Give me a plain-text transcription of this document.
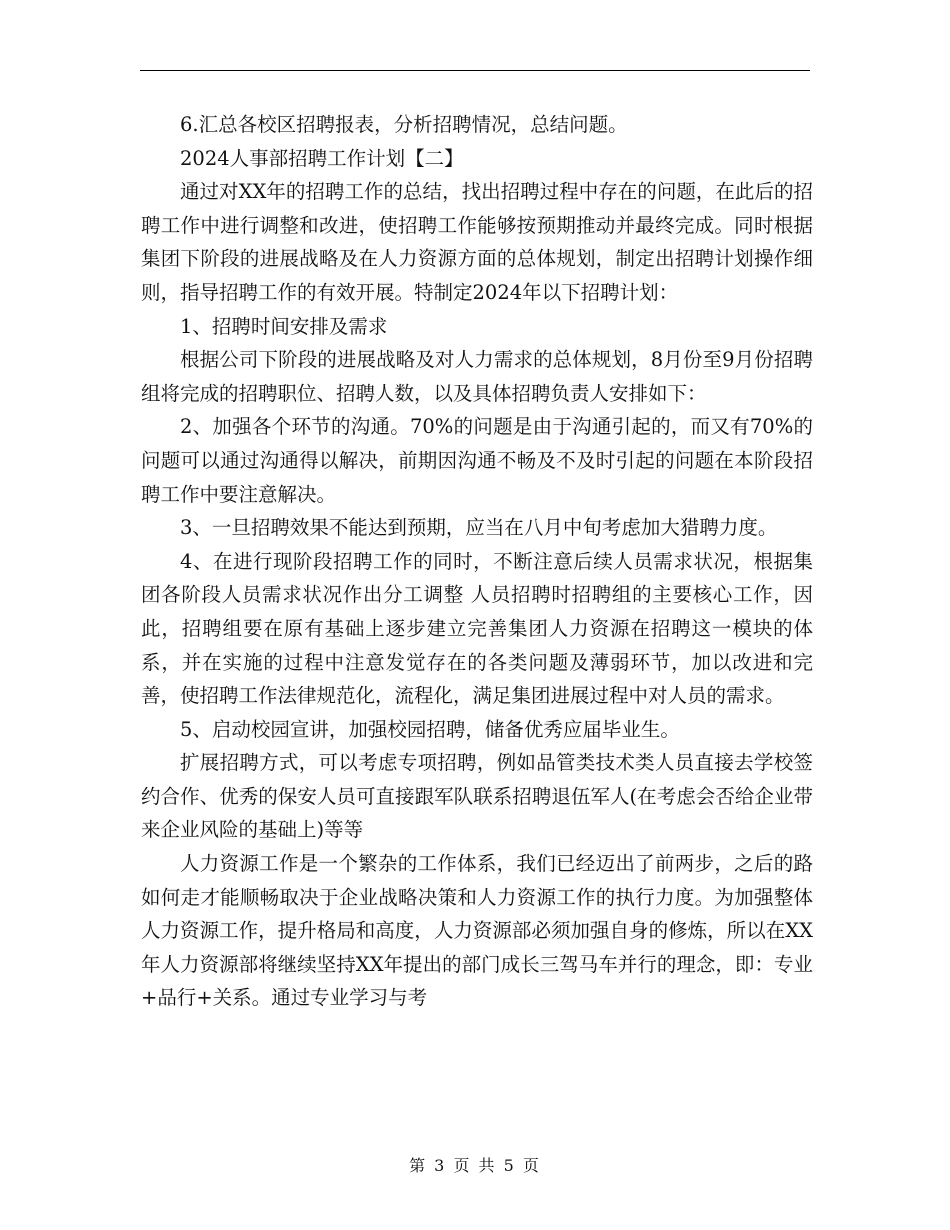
6.汇总各校区招聘报表，分析招聘情况，总结问题。

2024人事部招聘工作计划【二】

通过对XX年的招聘工作的总结，找出招聘过程中存在的问题，在此后的招聘工作中进行调整和改进，使招聘工作能够按预期推动并最终完成。同时根据集团下阶段的进展战略及在人力资源方面的总体规划，制定出招聘计划操作细则，指导招聘工作的有效开展。特制定2024年以下招聘计划：

1、招聘时间安排及需求

根据公司下阶段的进展战略及对人力需求的总体规划，8月份至9月份招聘组将完成的招聘职位、招聘人数，以及具体招聘负责人安排如下：

2、加强各个环节的沟通。70%的问题是由于沟通引起的，而又有70%的问题可以通过沟通得以解决，前期因沟通不畅及不及时引起的问题在本阶段招聘工作中要注意解决。

3、一旦招聘效果不能达到预期，应当在八月中旬考虑加大猎聘力度。

4、在进行现阶段招聘工作的同时，不断注意后续人员需求状况，根据集团各阶段人员需求状况作出分工调整 人员招聘时招聘组的主要核心工作，因此，招聘组要在原有基础上逐步建立完善集团人力资源在招聘这一模块的体系，并在实施的过程中注意发觉存在的各类问题及薄弱环节，加以改进和完善，使招聘工作法律规范化，流程化，满足集团进展过程中对人员的需求。

5、启动校园宣讲，加强校园招聘，储备优秀应届毕业生。

扩展招聘方式，可以考虑专项招聘，例如品管类技术类人员直接去学校签约合作、优秀的保安人员可直接跟军队联系招聘退伍军人(在考虑会否给企业带来企业风险的基础上)等等

人力资源工作是一个繁杂的工作体系，我们已经迈出了前两步，之后的路如何走才能顺畅取决于企业战略决策和人力资源工作的执行力度。为加强整体人力资源工作，提升格局和高度，人力资源部必须加强自身的修炼，所以在XX年人力资源部将继续坚持XX年提出的部门成长三驾马车并行的理念，即：专业+品行+关系。通过专业学习与考

第 3 页 共 5 页
